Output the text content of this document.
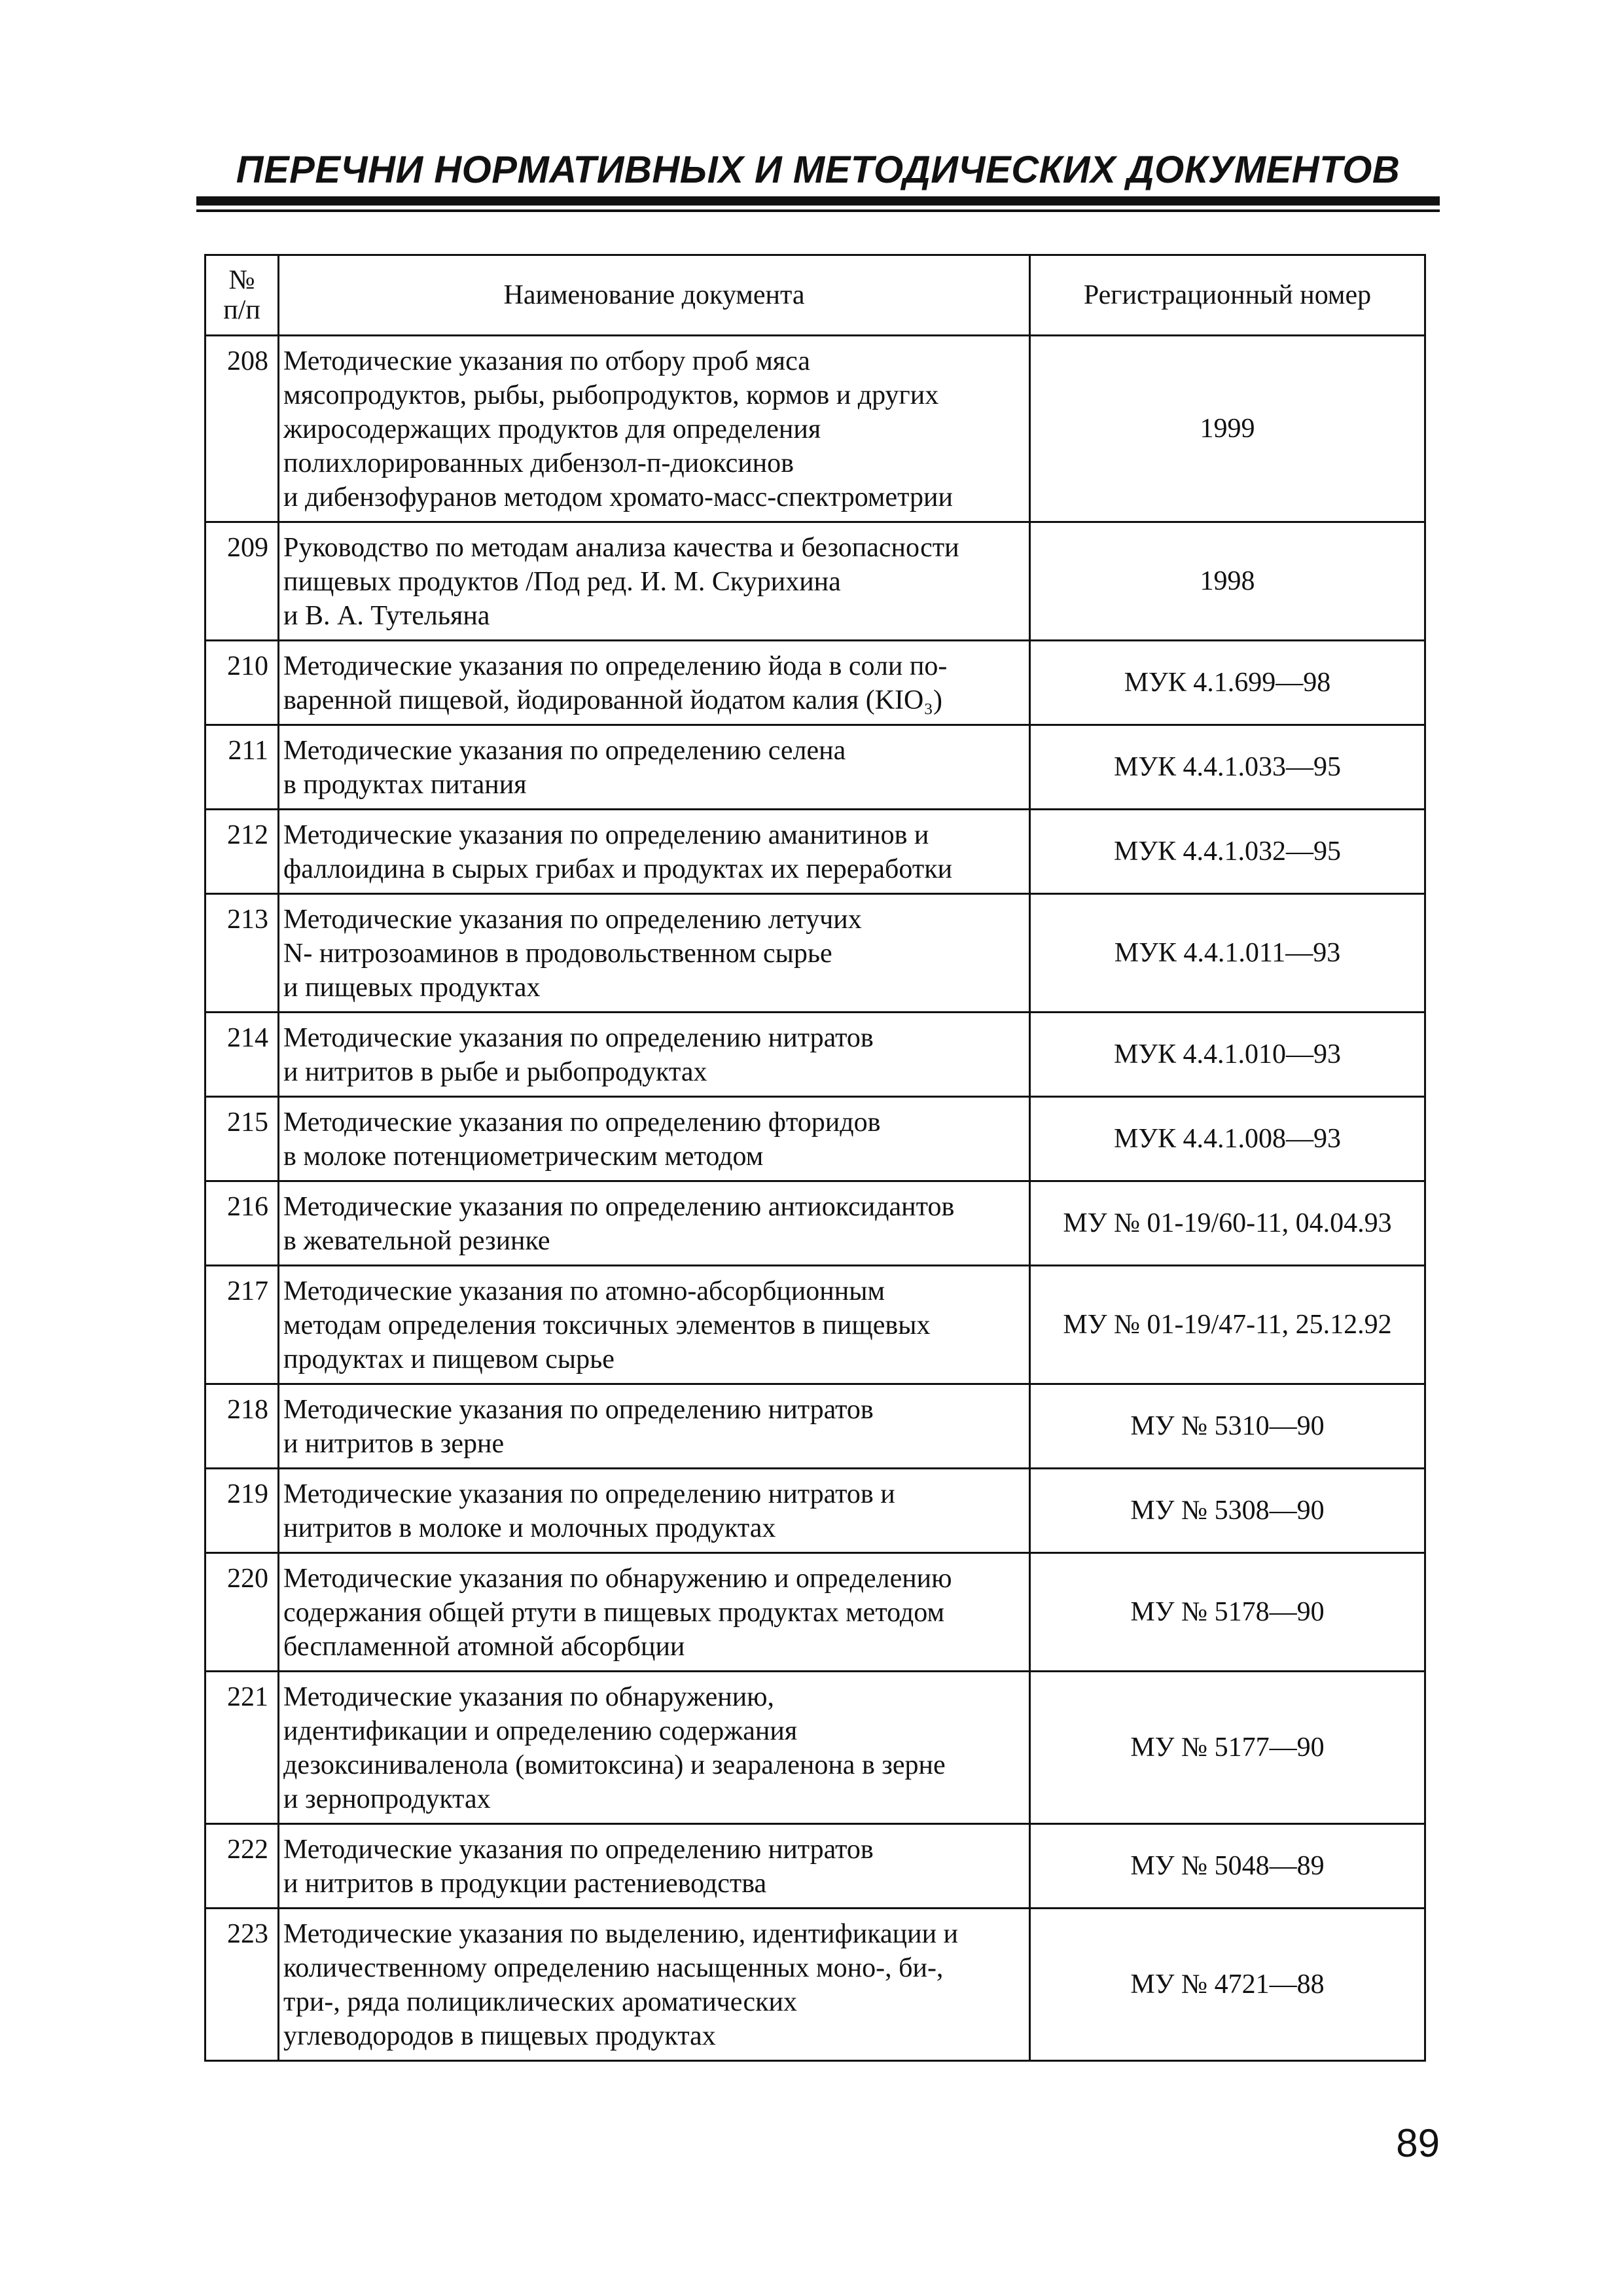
ПЕРЕЧНИ НОРМАТИВНЫХ И МЕТОДИЧЕСКИХ ДОКУМЕНТОВ
№
п/п	Наименование документа	Регистрационный номер
208	Методические указания по отбору проб мяса
мясопродуктов, рыбы, рыбопродуктов, кормов и других
жиросодержащих продуктов для определения
полихлорированных дибензол-п-диоксинов
и дибензофуранов методом хромато-масс-спектрометрии	1999
209	Руководство по методам анализа качества и безопасности
пищевых продуктов /Под ред. И. М. Скурихина
и В. А. Тутельяна	1998
210	Методические указания по определению йода в соли по-
варенной пищевой, йодированной йодатом калия (KIO₃)	МУК 4.1.699—98
211	Методические указания по определению селена
в продуктах питания	МУК 4.4.1.033—95
212	Методические указания по определению аманитинов и
фаллоидина в сырых грибах и продуктах их переработки	МУК 4.4.1.032—95
213	Методические указания по определению летучих
N- нитрозоаминов в продовольственном сырье
и пищевых продуктах	МУК 4.4.1.011—93
214	Методические указания по определению нитратов
и нитритов в рыбе и рыбопродуктах	МУК 4.4.1.010—93
215	Методические указания по определению фторидов
в молоке потенциометрическим методом	МУК 4.4.1.008—93
216	Методические указания по определению антиоксидантов
в жевательной резинке	МУ № 01-19/60-11, 04.04.93
217	Методические указания по атомно-абсорбционным
методам определения токсичных элементов в пищевых
продуктах и пищевом сырье	МУ № 01-19/47-11, 25.12.92
218	Методические указания по определению нитратов
и нитритов в зерне	МУ № 5310—90
219	Методические указания по определению нитратов и
нитритов в молоке и молочных продуктах	МУ № 5308—90
220	Методические указания по обнаружению и определению
содержания общей ртути в пищевых продуктах методом
беспламенной атомной абсорбции	МУ № 5178—90
221	Методические указания по обнаружению,
идентификации и определению содержания
дезоксиниваленола (вомитоксина) и зеараленона в зерне
и зернопродуктах	МУ № 5177—90
222	Методические указания по определению нитратов
и нитритов в продукции растениеводства	МУ № 5048—89
223	Методические указания по выделению, идентификации и
количественному определению насыщенных моно-, би-,
три-, ряда полициклических ароматических
углеводородов в пищевых продуктах	МУ № 4721—88
89
